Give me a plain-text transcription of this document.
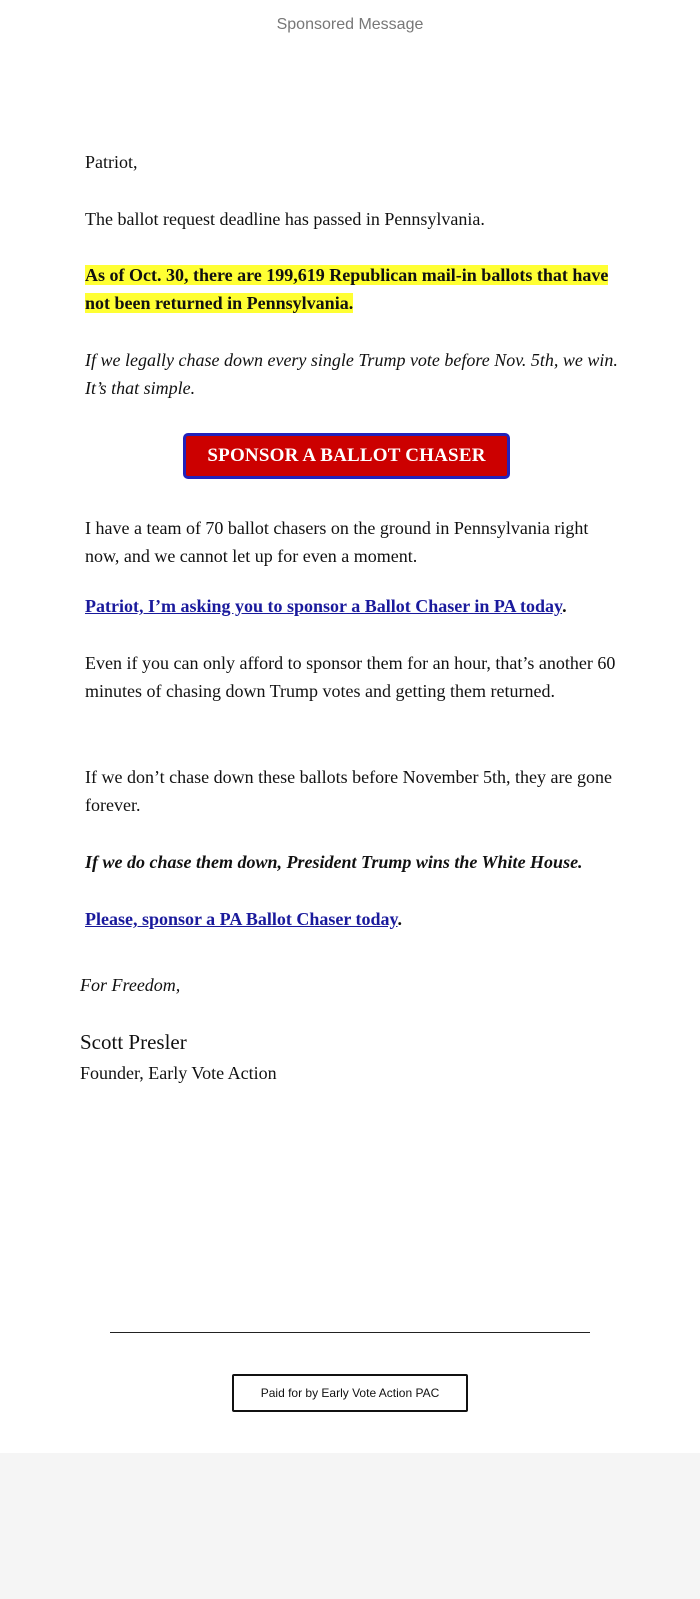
Sponsored Message

Patriot,

The ballot request deadline has passed in Pennsylvania.

As of Oct. 30, there are 199,619 Republican mail-in ballots that have not been returned in Pennsylvania.

If we legally chase down every single Trump vote before Nov. 5th, we win. It’s that simple.

SPONSOR A BALLOT CHASER

I have a team of 70 ballot chasers on the ground in Pennsylvania right now, and we cannot let up for even a moment.

Patriot, I’m asking you to sponsor a Ballot Chaser in PA today.

Even if you can only afford to sponsor them for an hour, that’s another 60 minutes of chasing down Trump votes and getting them returned.

If we don’t chase down these ballots before November 5th, they are gone forever.

If we do chase them down, President Trump wins the White House.

Please, sponsor a PA Ballot Chaser today.

For Freedom,
Scott Presler
Founder, Early Vote Action
Paid for by Early Vote Action PAC
